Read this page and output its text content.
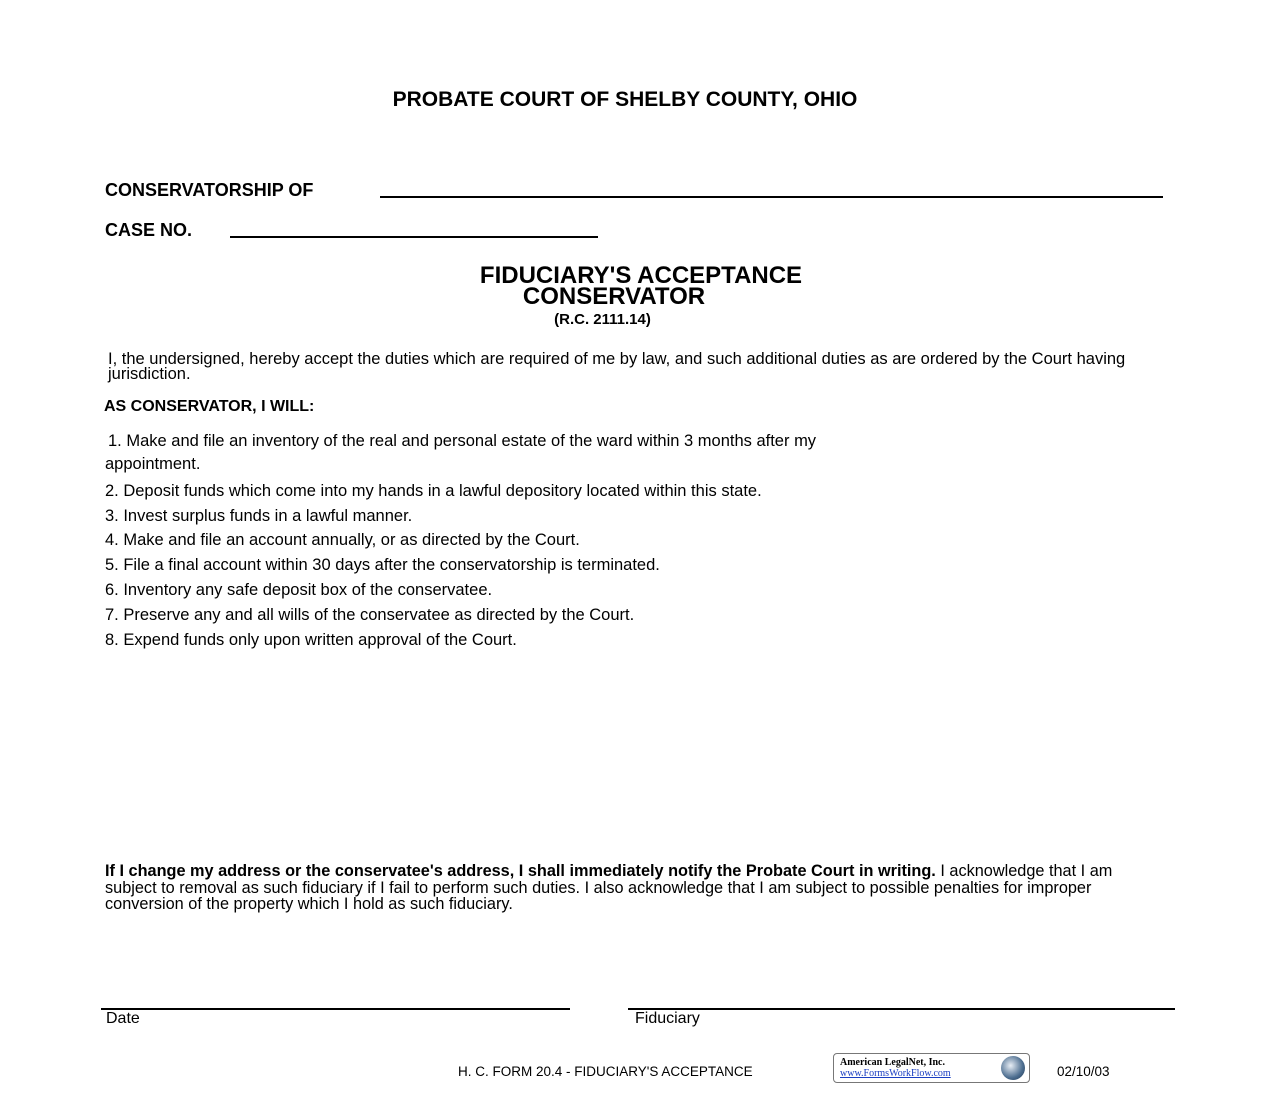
PROBATE COURT OF SHELBY COUNTY, OHIO
CONSERVATORSHIP OF
CASE NO.
FIDUCIARY'S ACCEPTANCE
CONSERVATOR
(R.C. 2111.14)
I, the undersigned, hereby accept the duties which are required of me by law, and such additional duties as are ordered by the Court having jurisdiction.
AS CONSERVATOR, I WILL:
1. Make and file an inventory of the real and personal estate of the ward within 3 months after my
appointment.
2. Deposit funds which come into my hands in a lawful depository located within this state.
3. Invest surplus funds in a lawful manner.
4. Make and file an account annually, or as directed by the Court.
5. File a final account within 30 days after the conservatorship is terminated.
6. Inventory any safe deposit box of the conservatee.
7. Preserve any and all wills of the conservatee as directed by the Court.
8. Expend funds only upon written approval of the Court.
If I change my address or the conservatee's address, I shall immediately notify the Probate Court in writing. I acknowledge that I am subject to removal as such fiduciary if I fail to perform such duties. I also acknowledge that I am subject to possible penalties for improper conversion of the property which I hold as such fiduciary.
Date	Fiduciary
H. C. FORM 20.4 - FIDUCIARY'S ACCEPTANCE
American LegalNet, Inc.
www.FormsWorkFlow.com	02/10/03
